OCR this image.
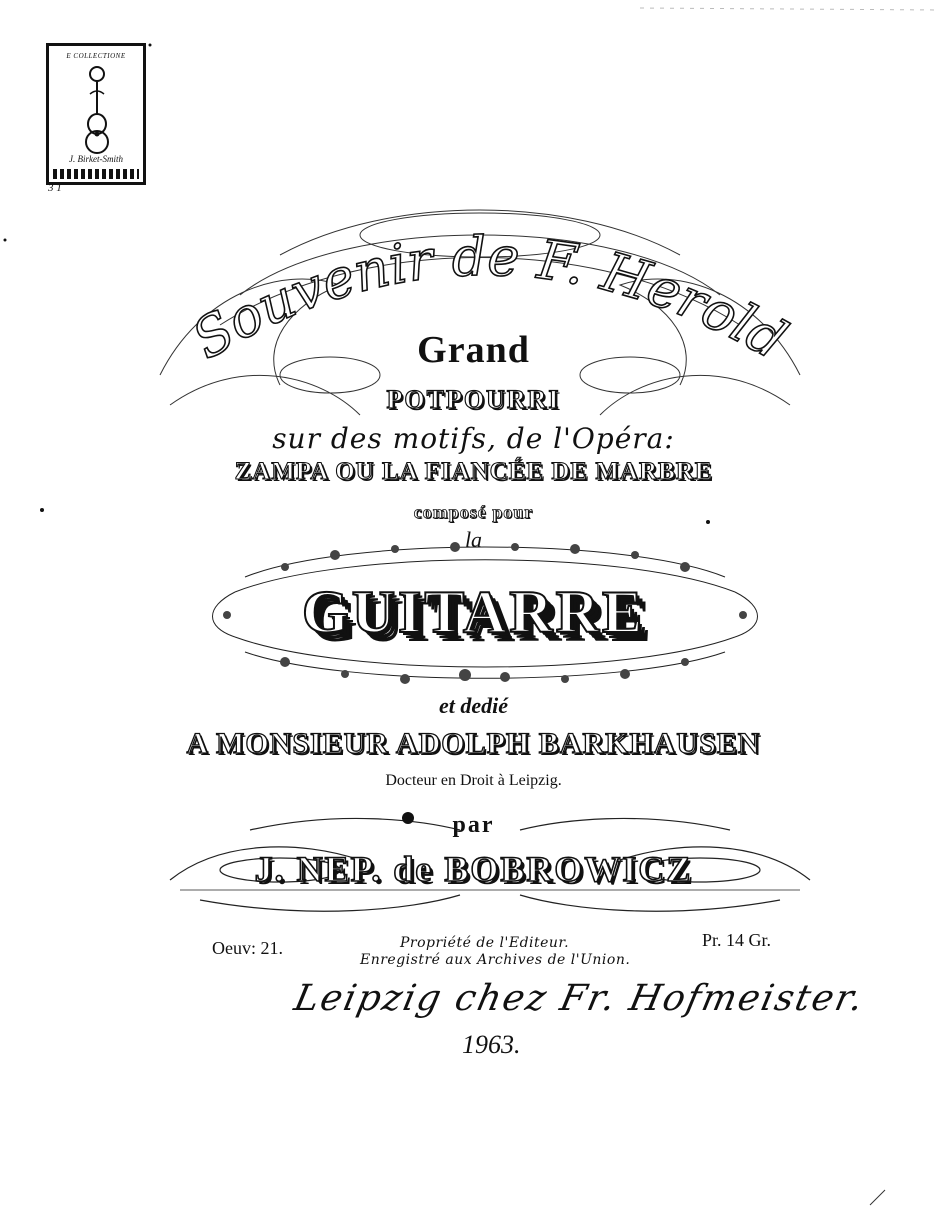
E COLLECTIONE
J. Birket-Smith
3 1
Souvenir de F. Herold
Grand
POTPOURRI
sur des motifs, de l'Opéra:
ZAMPA OU LA FIANCÉE DE MARBRE
composé pour
la
GUITARRE
et dedié
A MONSIEUR ADOLPH BARKHAUSEN
Docteur en Droit à Leipzig.
par
J. NEP. de BOBROWICZ
Oeuv: 21.	Pr. 14 Gr.
Propriété de l'Editeur.
Enregistré aux Archives de l'Union.
Leipzig chez Fr. Hofmeister.
1963.
